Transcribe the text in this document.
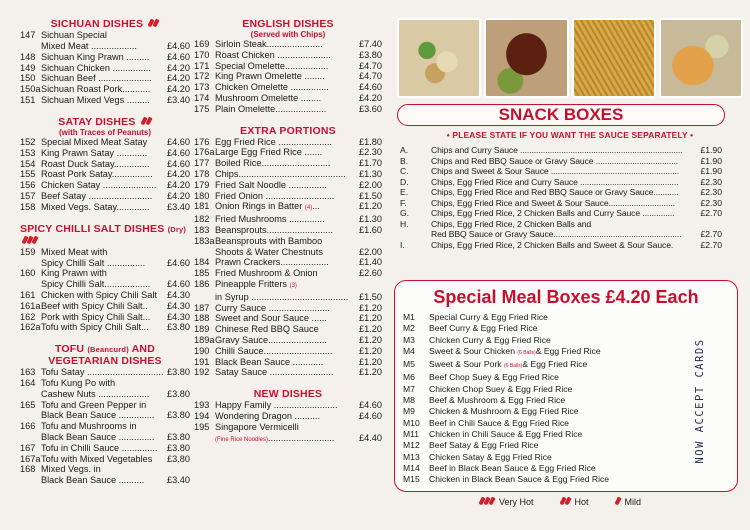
SICHUAN DISHES
147 Sichuan Special
Mixed Meat ..................	£4.60
148 Sichuan King Prawn .........	£4.60
149 Sichuan Chicken ...............	£4.20
150 Sichuan Beef .....................	£4.20
150a Sichuan Roast Pork...........	£4.20
151 Sichuan Mixed Vegs .........	£3.40
SATAY DISHES
(with Traces of Peanuts)
152 Special Mixed Meat Satay	£4.60
153 King Prawn Satay ............	£4.60
154 Roast Duck Satay..............	£4.60
155 Roast Pork Satay................	£4.20
156 Chicken Satay .....................	£4.20
157 Beef Satay .........................	£4.20
158 Mixed Vegs. Satay.............	£3.40
SPICY CHILLI SALT DISHES (Dry)
159 Mixed Meat with
Spicy Chilli Salt ...............	£4.60
160 King Prawn with
Spicy Chilli Salt..................	£4.60
161 Chicken with Spicy Chili Salt	£4.30
161a Beef with Spicy Chili Salt..	£4.30
162 Pork with Spicy Chili Salt...	£4.30
162a Tofu with Spicy Chili Salt...	£3.80
TOFU (Beancurd) AND
VEGETARIAN DISHES
163 Tofu Satay .............................. £3.80
164 Tofu Kung Po with
Cashew Nuts ....................	£3.80
165 Tofu and Green Pepper in
Black Bean Sauce ..............	£3.80
166 Tofu and Mushrooms in
Black Bean Sauce ..............	£3.80
167 Tofu in Chilli Sauce ..............	£3.80
167a Tofu with Mixed Vegetables	£3.80
168 Mixed Vegs. in
Black Bean Sauce ..........	£3.40
ENGLISH DISHES
(Served with Chips)
169 Sirloin Steak......................	£7.40
170 Roast Chicken .....................	£3.80
171 Special Omelette.................	£4.70
172 King Prawn Omelette ........	£4.70
173 Chicken Omelette ...............	£4.60
174 Mushroom Omelette ........	£4.20
175 Plain Omelette....................	£3.60
EXTRA PORTIONS
176 Egg Fried Rice .....................	£1.80
176a Large Egg Fried Rice .......	£2.30
177 Boiled Rice...........................	£1.70
178 Chips..........................................	£1.30
179 Fried Salt Noodle ...............	£2.00
180 Fried Onion ...........................	£1.50
181 Onion Rings in Batter (4)...	£1.20
182 Fried Mushrooms ..............	£1.30
183 Beansprouts..........................	£1.60
183a Beansprouts with Bamboo
Shoots & Water Chestnuts	£2.00
184 Prawn Crackers...................	£1.40
185 Fried Mushroom & Onion	£2.60
186 Pineapple Fritters (3)
in Syrup ......................................	£1.50
187 Curry Sauce ........................	£1.20
188 Sweet and Sour Sauce ......	£1.20
189 Chinese Red BBQ Sauce	£1.20
189a Gravy Sauce.......................	£1.20
190 Chilli Sauce...........................	£1.20
191 Black Bean Sauce ............	£1.20
192 Satay Sauce .........................	£1.20
NEW DISHES
193 Happy Family .........................	£4.60
194 Wondering Dragon ..........	£4.60
195 Singapore Vermicelli
(Fine Rice Noodles)..........................	£4.40
SNACK BOXES
• PLEASE STATE IF YOU WANT THE SAUCE SEPARATELY •
A.	Chips and Curry Sauce .......................................................................	£1.90
B.	Chips and Red BBQ Sauce or Gravy Sauce ....................................	£1.90
C.	Chips and Sweet & Sour Sauce ........................................................	£1.90
D.	Chips, Egg Fried Rice and Curry Sauce ...........................................	£2.30
E.	Chips, Egg Fried Rice and Red BBQ Sauce or Gravy Sauce...........	£2.30
F.	Chips, Egg Fried Rice and Sweet & Sour Sauce.............................	£2.30
G.	Chips, Egg Fried Rice, 2 Chicken Balls and Curry Sauce ..............	£2.70
H.	Chips, Egg Fried Rice, 2 Chicken Balls and
Red BBQ Sauce or Gravy Sauce........................................................	£2.70
I.	Chips, Egg Fried Rice, 2 Chicken Balls and Sweet & Sour Sauce.	£2.70
Special Meal Boxes £4.20 Each
M1	Special Curry & Egg Fried Rice
M2	Beef Curry & Egg Fried Rice
M3	Chicken Curry & Egg Fried Rice
M4	Sweet & Sour Chicken (6 Balls)& Egg Fried Rice
M5	Sweet & Sour Pork (6 Balls)& Egg Fried Rice
M6	Beef Chop Suey & Egg Fried Rice
M7	Chicken Chop Suey & Egg Fried Rice
M8	Beef & Mushroom & Egg Fried Rice
M9	Chicken & Mushroom & Egg Fried Rice
M10	Beef in Chili Sauce & Egg Fried Rice
M11	Chicken in Chili Sauce & Egg Fried Rice
M12	Beef Satay & Egg Fried Rice
M13	Chicken Satay & Egg Fried Rice
M14	Beef in Black Bean Sauce & Egg Fried Rice
M15	Chicken in Black Bean Sauce & Egg Fried Rice
NOW ACCEPT CARDS
Very Hot	Hot	Mild
